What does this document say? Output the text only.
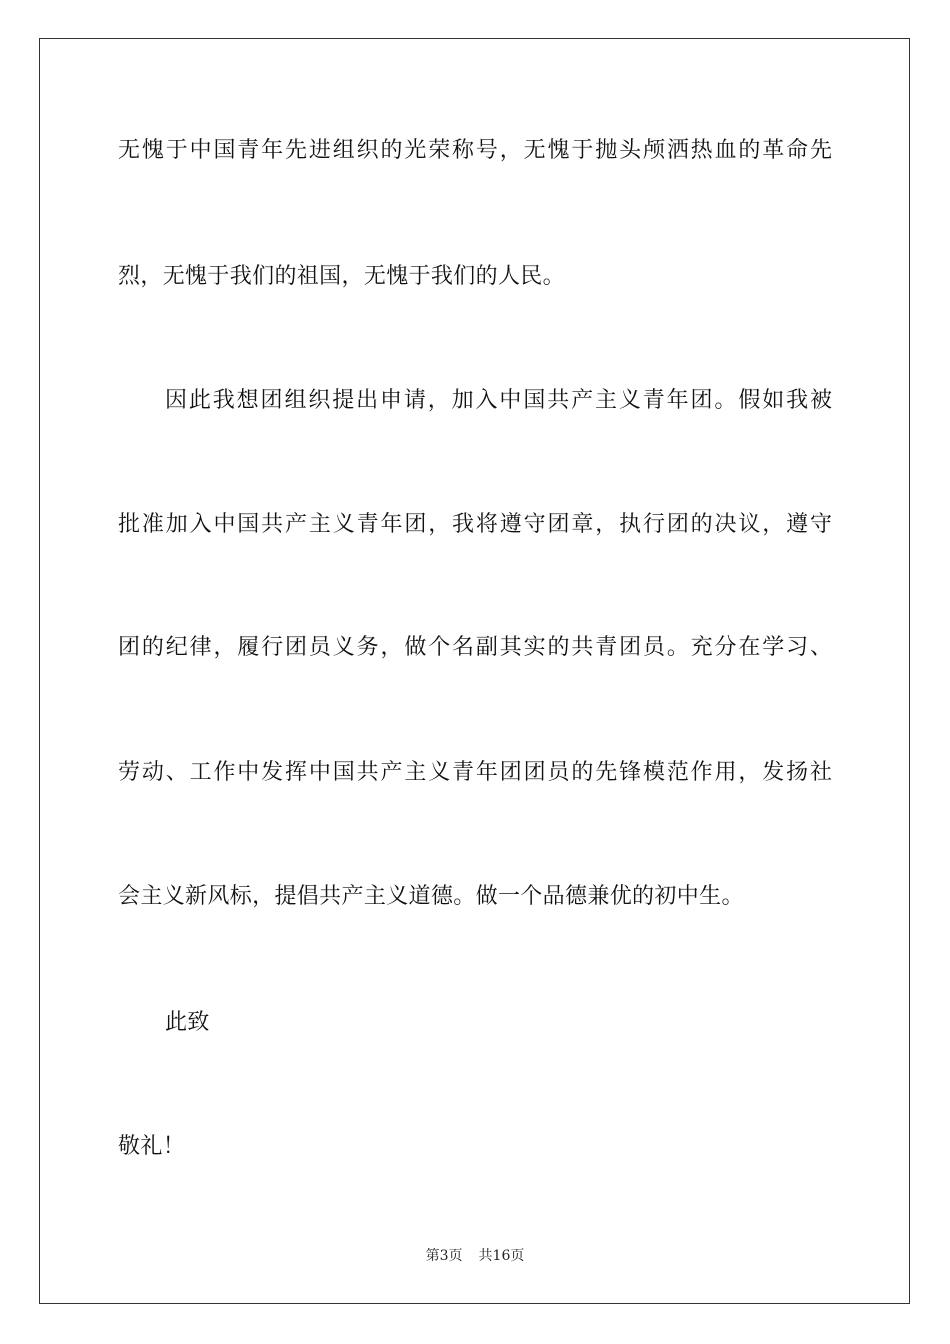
无愧于中国青年先进组织的光荣称号，无愧于抛头颅洒热血的革命先
烈，无愧于我们的祖国，无愧于我们的人民。
因此我想团组织提出申请，加入中国共产主义青年团。假如我被
批准加入中国共产主义青年团，我将遵守团章，执行团的决议，遵守
团的纪律，履行团员义务，做个名副其实的共青团员。充分在学习、
劳动、工作中发挥中国共产主义青年团团员的先锋模范作用，发扬社
会主义新风标，提倡共产主义道德。做一个品德兼优的初中生。
此致
敬礼！
第3页 共16页
